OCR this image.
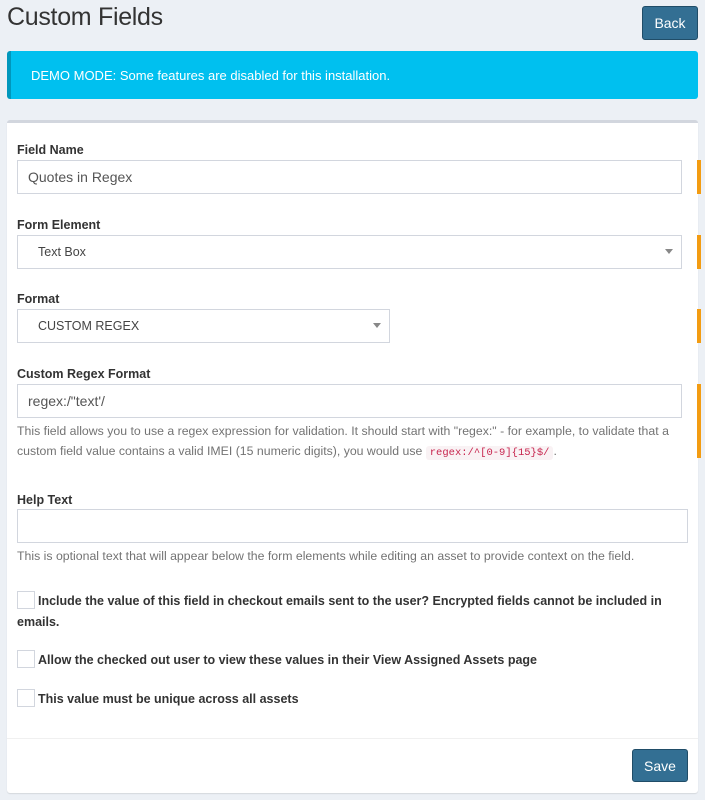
Custom Fields	Back
DEMO MODE: Some features are disabled for this installation.
Field Name
Quotes in Regex
Form Element
Text Box
Format
CUSTOM REGEX
Custom Regex Format
regex:/"text'/
This field allows you to use a regex expression for validation. It should start with "regex:" - for example, to validate that a custom field value contains a valid IMEI (15 numeric digits), you would use regex:/^[0-9]{15}$/ .
Help Text
This is optional text that will appear below the form elements while editing an asset to provide context on the field.
Include the value of this field in checkout emails sent to the user? Encrypted fields cannot be included in emails.
Allow the checked out user to view these values in their View Assigned Assets page
This value must be unique across all assets
Save
